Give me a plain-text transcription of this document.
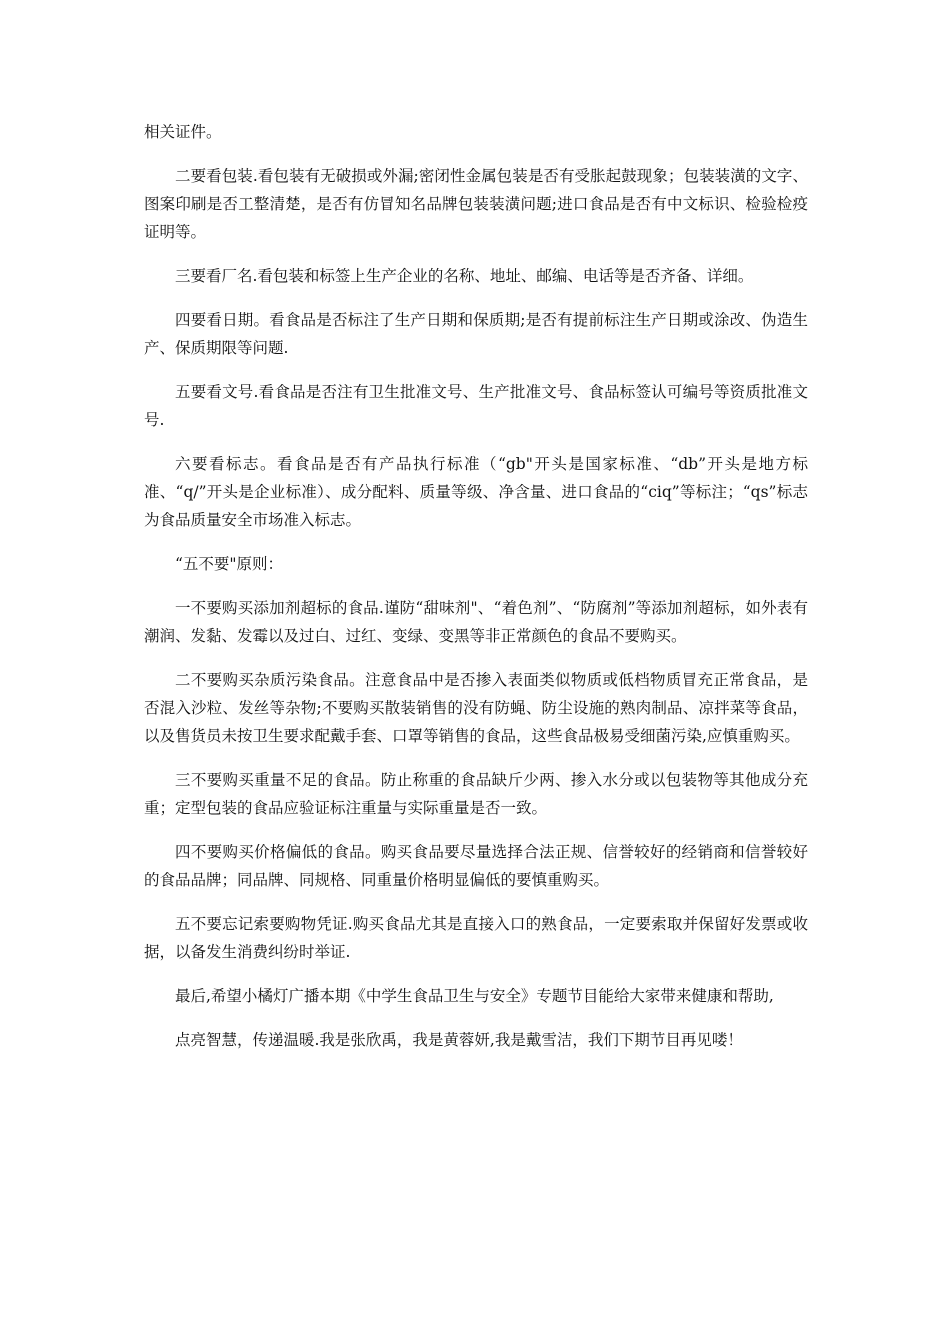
相关证件。

二要看包装.看包装有无破损或外漏;密闭性金属包装是否有受胀起鼓现象；包装装潢的文字、图案印刷是否工整清楚，是否有仿冒知名品牌包装装潢问题;进口食品是否有中文标识、检验检疫证明等。

三要看厂名.看包装和标签上生产企业的名称、地址、邮编、电话等是否齐备、详细。

四要看日期。看食品是否标注了生产日期和保质期;是否有提前标注生产日期或涂改、伪造生产、保质期限等问题.

五要看文号.看食品是否注有卫生批准文号、生产批准文号、食品标签认可编号等资质批准文号.

六要看标志。看食品是否有产品执行标准（“gb"开头是国家标准、“db”开头是地方标准、“q/”开头是企业标准）、成分配料、质量等级、净含量、进口食品的“ciq”等标注；“qs”标志为食品质量安全市场准入标志。

“五不要"原则：

一不要购买添加剂超标的食品.谨防“甜味剂"、“着色剂”、“防腐剂”等添加剂超标，如外表有潮润、发黏、发霉以及过白、过红、变绿、变黑等非正常颜色的食品不要购买。

二不要购买杂质污染食品。注意食品中是否掺入表面类似物质或低档物质冒充正常食品，是否混入沙粒、发丝等杂物;不要购买散装销售的没有防蝇、防尘设施的熟肉制品、凉拌菜等食品，以及售货员未按卫生要求配戴手套、口罩等销售的食品，这些食品极易受细菌污染,应慎重购买。

三不要购买重量不足的食品。防止称重的食品缺斤少两、掺入水分或以包装物等其他成分充重；定型包装的食品应验证标注重量与实际重量是否一致。

四不要购买价格偏低的食品。购买食品要尽量选择合法正规、信誉较好的经销商和信誉较好的食品品牌；同品牌、同规格、同重量价格明显偏低的要慎重购买。

五不要忘记索要购物凭证.购买食品尤其是直接入口的熟食品，一定要索取并保留好发票或收据，以备发生消费纠纷时举证.

最后,希望小橘灯广播本期《中学生食品卫生与安全》专题节目能给大家带来健康和帮助,

点亮智慧，传递温暖.我是张欣禹，我是黄蓉妍,我是戴雪洁，我们下期节目再见喽！
